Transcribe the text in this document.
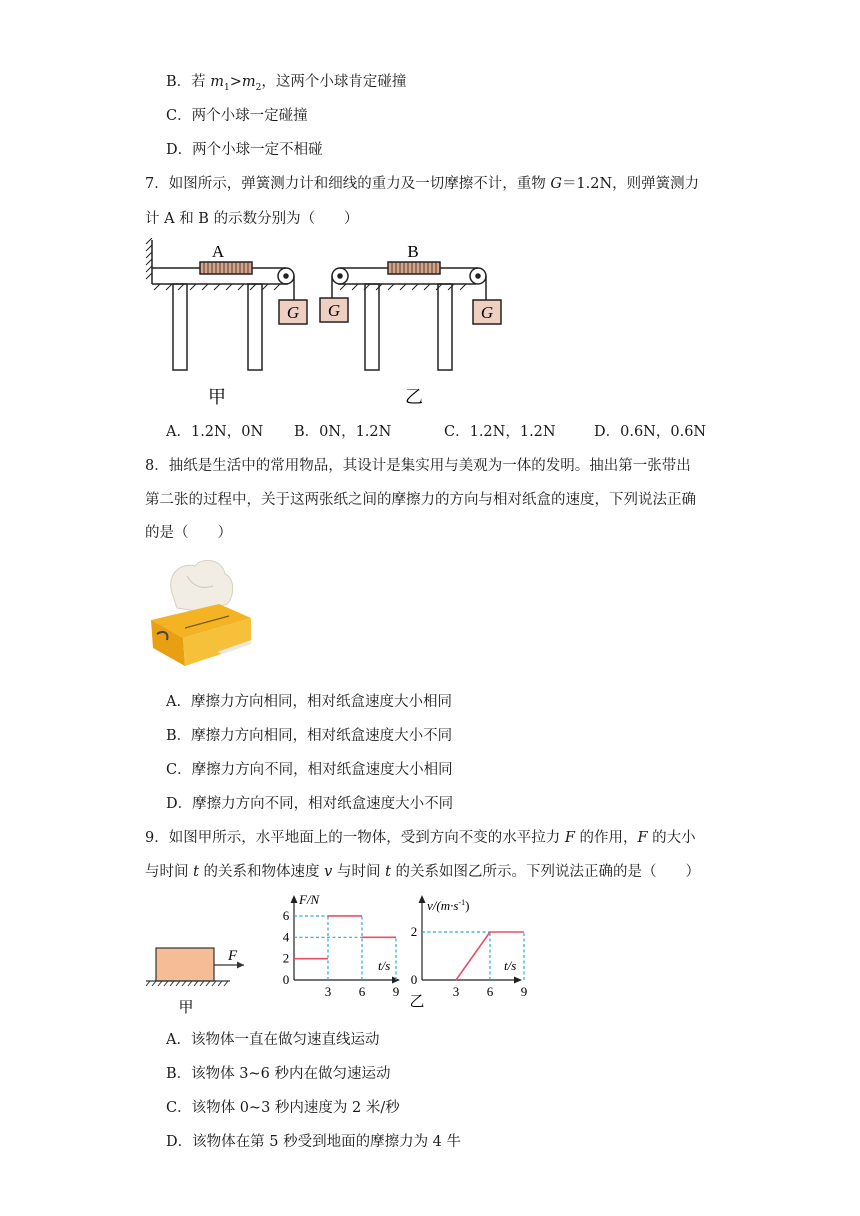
B．若 $m_1>m_2$，这两个小球肯定碰撞
C．两个小球一定碰撞
D．两个小球一定不相碰
7．如图所示，弹簧测力计和细线的重力及一切摩擦不计，重物 G＝1.2N，则弹簧测力
计 A 和 B 的示数分别为（　　）
A
G
甲
B
G	G
乙
A．1.2N，0N B．0N，1.2N	C．1.2N，1.2N	D．0.6N，0.6N
8．抽纸是生活中的常用物品，其设计是集实用与美观为一体的发明。抽出第一张带出
第二张的过程中，关于这两张纸之间的摩擦力的方向与相对纸盒的速度，下列说法正确
的是（　　）
A．摩擦力方向相同，相对纸盒速度大小相同
B．摩擦力方向相同，相对纸盒速度大小不同
C．摩擦力方向不同，相对纸盒速度大小相同
D．摩擦力方向不同，相对纸盒速度大小不同
9．如图甲所示，水平地面上的一物体，受到方向不变的水平拉力 F 的作用，F 的大小
与时间 t 的关系和物体速度 v 与时间 t 的关系如图乙所示。下列说法正确的是（　　）
F
甲
F/N
t/s
0
2
4
6
3 6 9
$v/(m\cdot s^{-1})$
t/s
乙
0
2
3 6 9
A．该物体一直在做匀速直线运动
B．该物体 3~6 秒内在做匀速运动
C．该物体 0~3 秒内速度为 2 米/秒
D．该物体在第 5 秒受到地面的摩擦力为 4 牛
